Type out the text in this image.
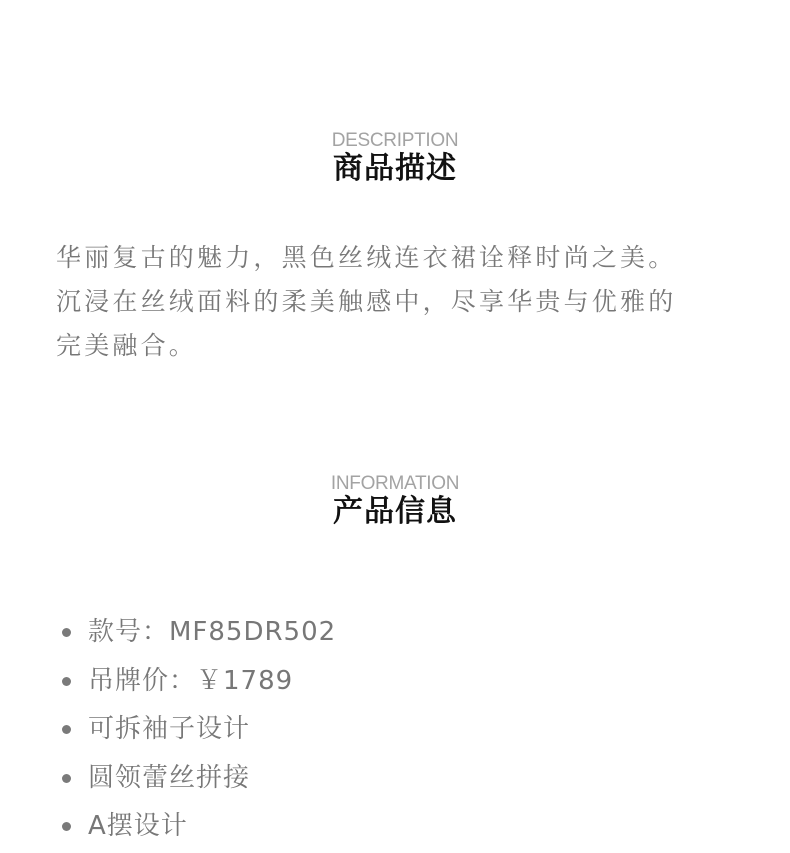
DESCRIPTION
商品描述

华丽复古的魅力，黑色丝绒连衣裙诠释时尚之美。
沉浸在丝绒面料的柔美触感中，尽享华贵与优雅的
完美融合。

INFORMATION
产品信息
款号：MF85DR502
吊牌价：￥1789
可拆袖子设计
圆领蕾丝拼接
A摆设计
